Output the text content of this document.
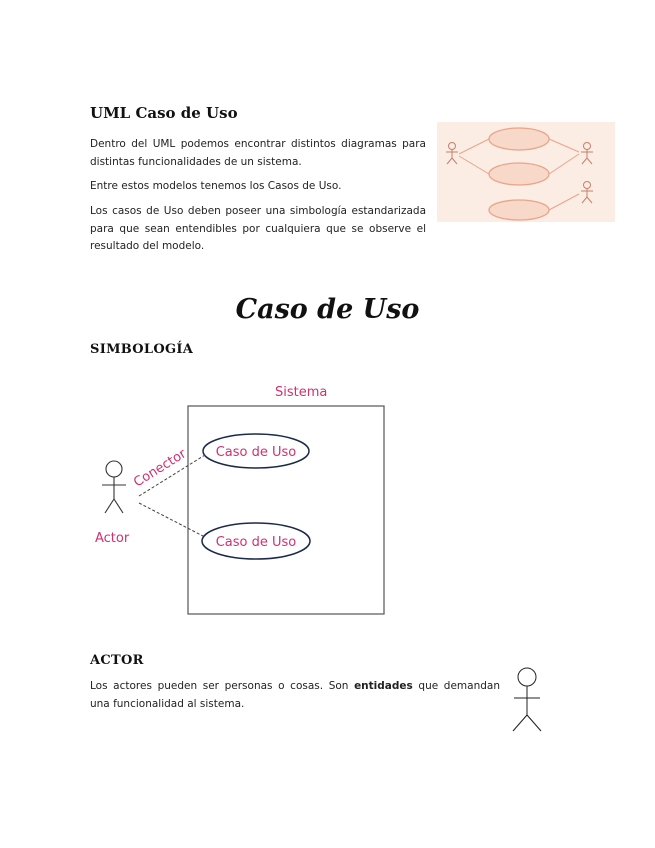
UML Caso de Uso
Dentro del UML podemos encontrar distintos diagramas para distintas funcionalidades de un sistema.
Entre estos modelos tenemos los Casos de Uso.
Los casos de Uso deben poseer una simbología estandarizada para que sean entendibles por cualquiera que se observe el resultado del modelo.
Caso de Uso
SIMBOLOGÍA
Sistema
Caso de Uso
Caso de Uso
Conector
Actor
ACTOR
Los actores pueden ser personas o cosas. Son entidades que demandan una funcionalidad al sistema.
